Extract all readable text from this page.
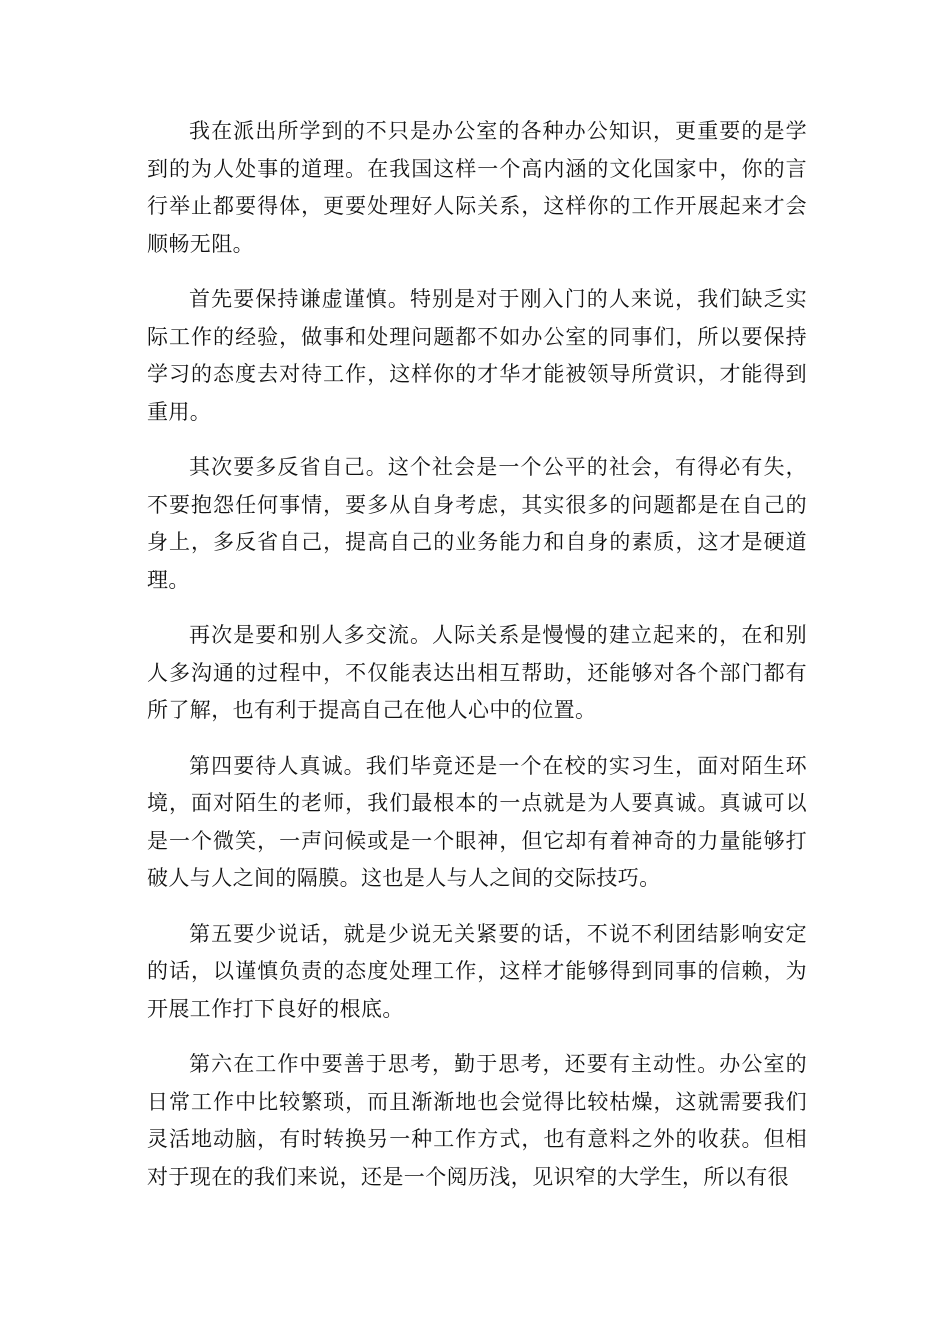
我在派出所学到的不只是办公室的各种办公知识，更重要的是学到的为人处事的道理。在我国这样一个高内涵的文化国家中，你的言行举止都要得体，更要处理好人际关系，这样你的工作开展起来才会顺畅无阻。

首先要保持谦虚谨慎。特别是对于刚入门的人来说，我们缺乏实际工作的经验，做事和处理问题都不如办公室的同事们，所以要保持学习的态度去对待工作，这样你的才华才能被领导所赏识，才能得到重用。

其次要多反省自己。这个社会是一个公平的社会，有得必有失，不要抱怨任何事情，要多从自身考虑，其实很多的问题都是在自己的身上，多反省自己，提高自己的业务能力和自身的素质，这才是硬道理。

再次是要和别人多交流。人际关系是慢慢的建立起来的，在和别人多沟通的过程中，不仅能表达出相互帮助，还能够对各个部门都有所了解，也有利于提高自己在他人心中的位置。

第四要待人真诚。我们毕竟还是一个在校的实习生，面对陌生环境，面对陌生的老师，我们最根本的一点就是为人要真诚。真诚可以是一个微笑，一声问候或是一个眼神，但它却有着神奇的力量能够打破人与人之间的隔膜。这也是人与人之间的交际技巧。

第五要少说话，就是少说无关紧要的话，不说不利团结影响安定的话，以谨慎负责的态度处理工作，这样才能够得到同事的信赖，为开展工作打下良好的根底。

第六在工作中要善于思考，勤于思考，还要有主动性。办公室的日常工作中比较繁琐，而且渐渐地也会觉得比较枯燥，这就需要我们灵活地动脑，有时转换另一种工作方式，也有意料之外的收获。但相对于现在的我们来说，还是一个阅历浅，见识窄的大学生，所以有很
